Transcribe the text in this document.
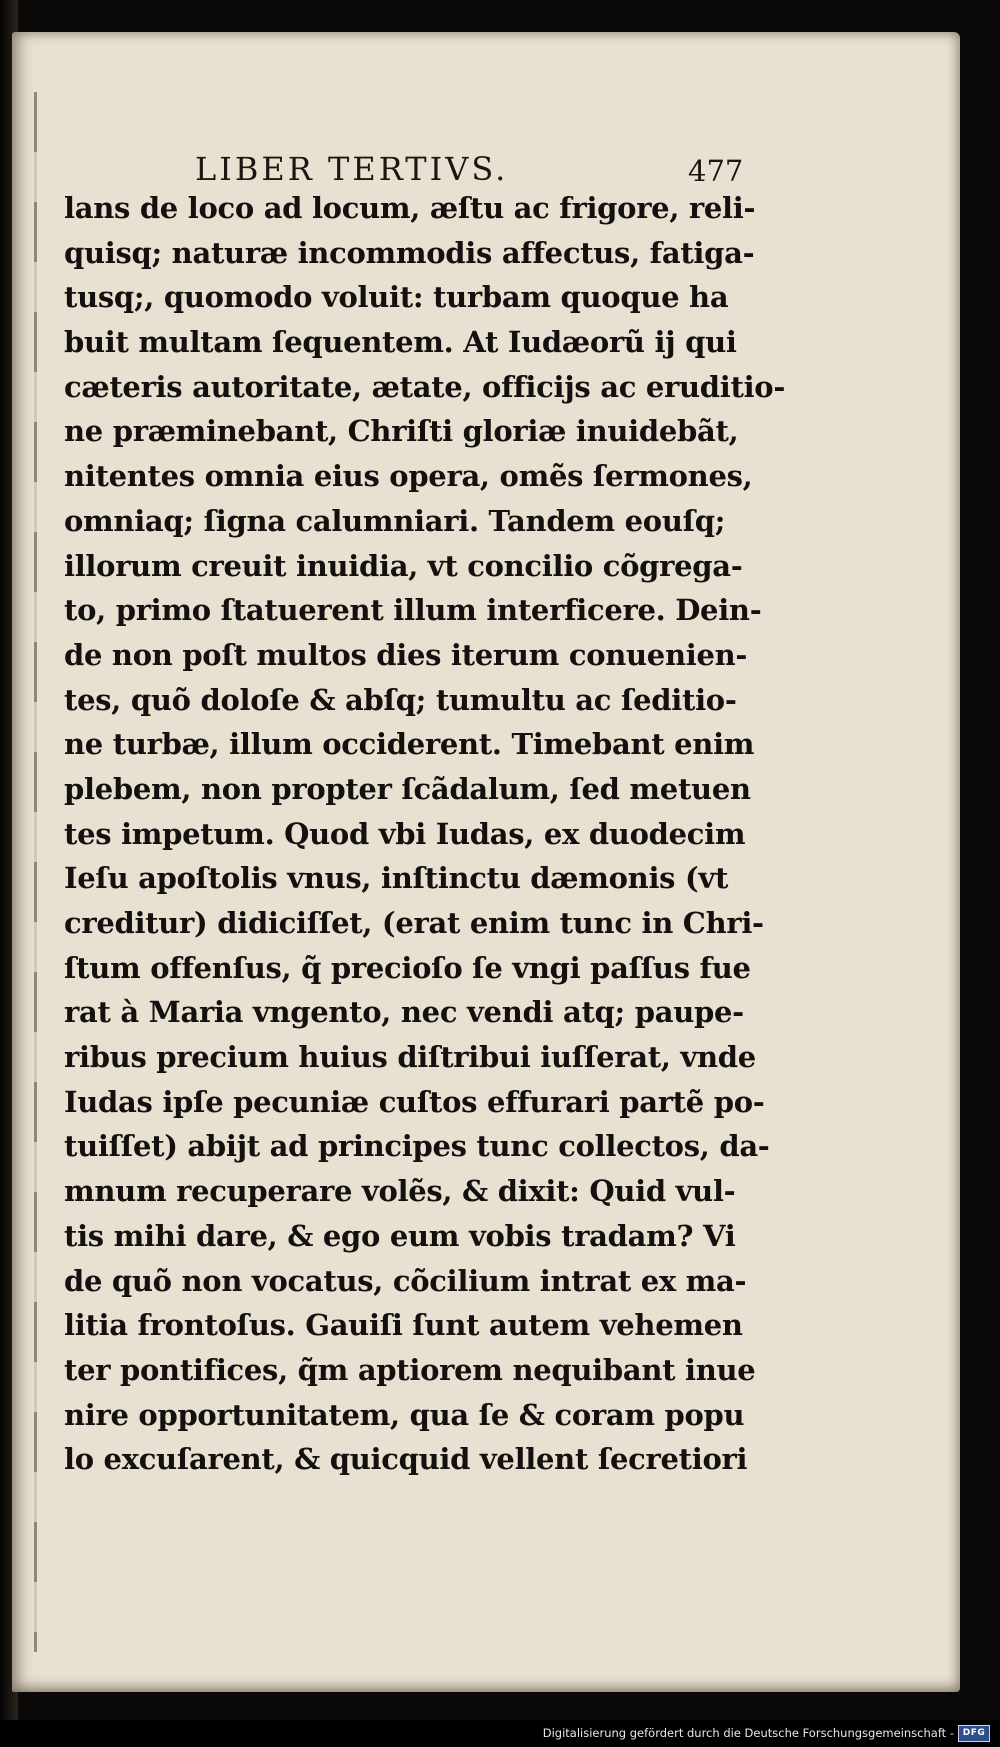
LIBER TERTIVS.	477
lans de loco ad locum, æſtu ac frigore, reli-
quisq; naturæ incommodis affectus, fatiga-
tusq;, quomodo voluit: turbam quoque ha
buit multam ſequentem. At Iudæorũ ij qui
cæteris autoritate, ætate, officijs ac eruditio-
ne præminebant, Chriſti gloriæ inuidebãt,
nitentes omnia eius opera, omẽs ſermones,
omniaq; ſigna calumniari. Tandem eouſq;
illorum creuit inuidia, vt concilio cõgrega-
to, primo ſtatuerent illum interficere. Dein-
de non poſt multos dies iterum conuenien-
tes, quõ doloſe & abſq; tumultu ac ſeditio-
ne turbæ, illum occiderent. Timebant enim
plebem, non propter ſcãdalum, ſed metuen
tes impetum. Quod vbi Iudas, ex duodecim
Ieſu apoſtolis vnus, inſtinctu dæmonis (vt
creditur) didiciſſet, (erat enim tunc in Chri-
ſtum offenſus, q̃ precioſo ſe vngi paſſus fue
rat à Maria vngento, nec vendi atq; paupe-
ribus precium huius diſtribui iuſſerat, vnde
Iudas ipſe pecuniæ cuſtos effurari partẽ po-
tuiſſet) abijt ad principes tunc collectos, da-
mnum recuperare volẽs, & dixit: Quid vul-
tis mihi dare, & ego eum vobis tradam? Vi
de quõ non vocatus, cõcilium intrat ex ma-
litia frontoſus. Gauiſi ſunt autem vehemen
ter pontifices, q̃m aptiorem nequibant inue
nire opportunitatem, qua ſe & coram popu
lo excuſarent, & quicquid vellent ſecretiori
Digitalisierung gefördert durch die Deutsche Forschungsgemeinschaft - DFG
